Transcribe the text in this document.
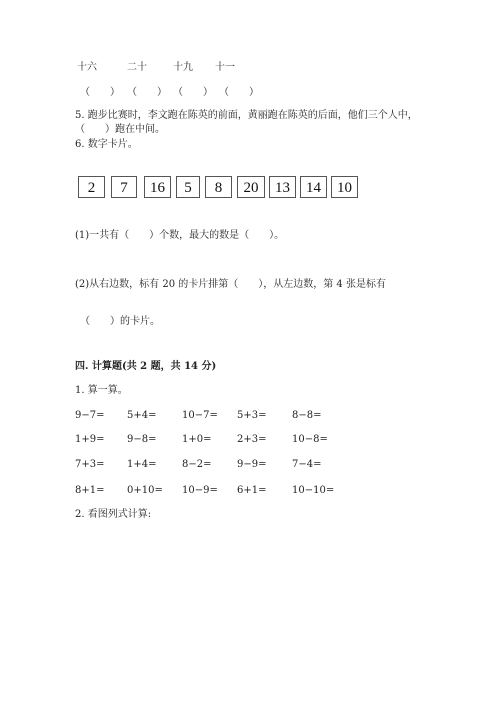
十六	二十	十九 十一
（　　） （　　） （　　） （　　）
5. 跑步比赛时，李文跑在陈英的前面，黄丽跑在陈英的后面，他们三个人中，
（　　）跑在中间。
6. 数字卡片。
2	7	16	5	8	20	13	14	10
(1)一共有（　　）个数，最大的数是（　　）。
(2)从右边数，标有 20 的卡片排第（　　），从左边数，第 4 张是标有
（　　）的卡片。
四. 计算题(共 2 题，共 14 分)
1. 算一算。
9−7= 5+4=	10−7= 5+3=	8−8=
1+9= 9−8=	1+0=	2+3=	10−8=
7+3= 1+4=	8−2=	9−9=	7−4=
8+1= 0+10= 10−9= 6+1=	10−10=
2. 看图列式计算:
